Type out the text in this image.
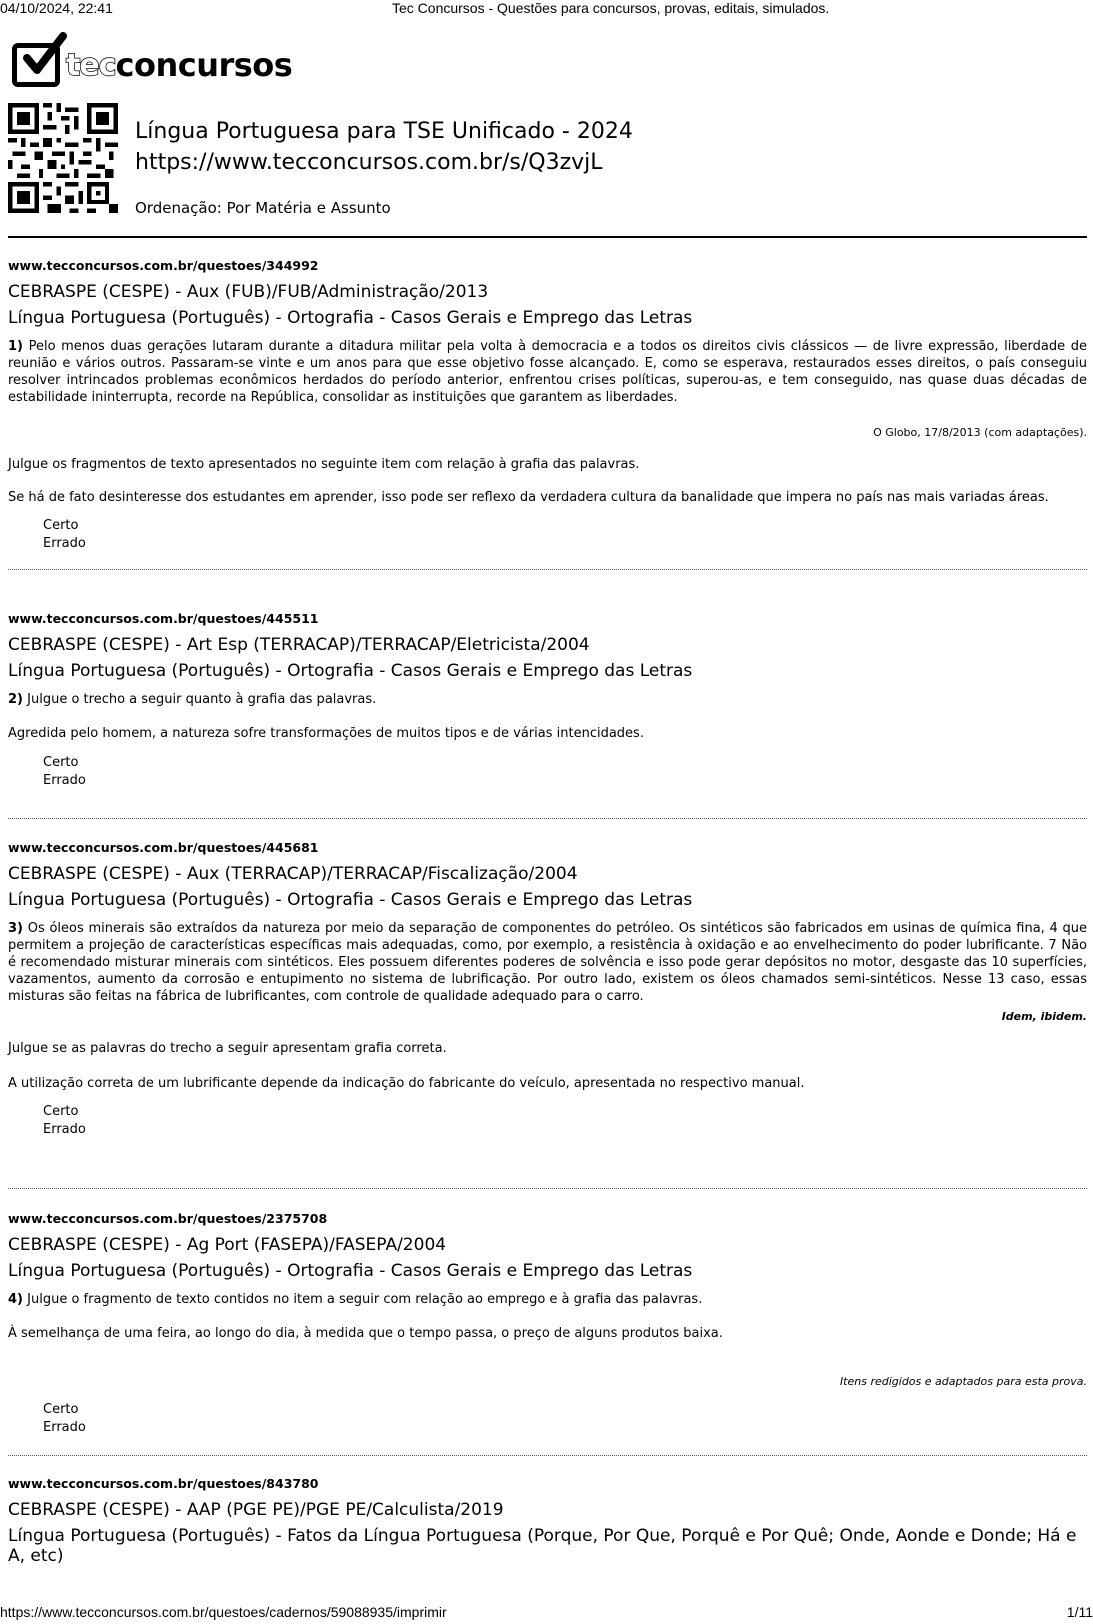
04/10/2024, 22:41	Tec Concursos - Questões para concursos, provas, editais, simulados.
tec concursos
Língua Portuguesa para TSE Unificado - 2024
https://www.tecconcursos.com.br/s/Q3zvjL
Ordenação: Por Matéria e Assunto
www.tecconcursos.com.br/questoes/344992
CEBRASPE (CESPE) - Aux (FUB)/FUB/Administração/2013
Língua Portuguesa (Português) - Ortografia - Casos Gerais e Emprego das Letras
1) Pelo menos duas gerações lutaram durante a ditadura militar pela volta à democracia e a todos os direitos civis clássicos — de livre expressão, liberdade de reunião e vários outros. Passaram-se vinte e um anos para que esse objetivo fosse alcançado. E, como se esperava, restaurados esses direitos, o país conseguiu resolver intrincados problemas econômicos herdados do período anterior, enfrentou crises políticas, superou-as, e tem conseguido, nas quase duas décadas de estabilidade ininterrupta, recorde na República, consolidar as instituições que garantem as liberdades.
O Globo, 17/8/2013 (com adaptações).
Julgue os fragmentos de texto apresentados no seguinte item com relação à grafia das palavras.
Se há de fato desinteresse dos estudantes em aprender, isso pode ser reflexo da verdadera cultura da banalidade que impera no país nas mais variadas áreas.
Certo
Errado
www.tecconcursos.com.br/questoes/445511
CEBRASPE (CESPE) - Art Esp (TERRACAP)/TERRACAP/Eletricista/2004
Língua Portuguesa (Português) - Ortografia - Casos Gerais e Emprego das Letras
2) Julgue o trecho a seguir quanto à grafia das palavras.
Agredida pelo homem, a natureza sofre transformações de muitos tipos e de várias intencidades.
Certo
Errado
www.tecconcursos.com.br/questoes/445681
CEBRASPE (CESPE) - Aux (TERRACAP)/TERRACAP/Fiscalização/2004
Língua Portuguesa (Português) - Ortografia - Casos Gerais e Emprego das Letras
3) Os óleos minerais são extraídos da natureza por meio da separação de componentes do petróleo. Os sintéticos são fabricados em usinas de química fina, 4 que permitem a projeção de características específicas mais adequadas, como, por exemplo, a resistência à oxidação e ao envelhecimento do poder lubrificante. 7 Não é recomendado misturar minerais com sintéticos. Eles possuem diferentes poderes de solvência e isso pode gerar depósitos no motor, desgaste das 10 superfícies, vazamentos, aumento da corrosão e entupimento no sistema de lubrificação. Por outro lado, existem os óleos chamados semi-sintéticos. Nesse 13 caso, essas misturas são feitas na fábrica de lubrificantes, com controle de qualidade adequado para o carro.
Idem, ibidem.
Julgue se as palavras do trecho a seguir apresentam grafia correta.
A utilização correta de um lubrificante depende da indicação do fabricante do veículo, apresentada no respectivo manual.
Certo
Errado
www.tecconcursos.com.br/questoes/2375708
CEBRASPE (CESPE) - Ag Port (FASEPA)/FASEPA/2004
Língua Portuguesa (Português) - Ortografia - Casos Gerais e Emprego das Letras
4) Julgue o fragmento de texto contidos no item a seguir com relação ao emprego e à grafia das palavras.
À semelhança de uma feira, ao longo do dia, à medida que o tempo passa, o preço de alguns produtos baixa.
Itens redigidos e adaptados para esta prova.
Certo
Errado
www.tecconcursos.com.br/questoes/843780
CEBRASPE (CESPE) - AAP (PGE PE)/PGE PE/Calculista/2019
Língua Portuguesa (Português) - Fatos da Língua Portuguesa (Porque, Por Que, Porquê e Por Quê; Onde, Aonde e Donde; Há e A, etc)
https://www.tecconcursos.com.br/questoes/cadernos/59088935/imprimir	1/11
